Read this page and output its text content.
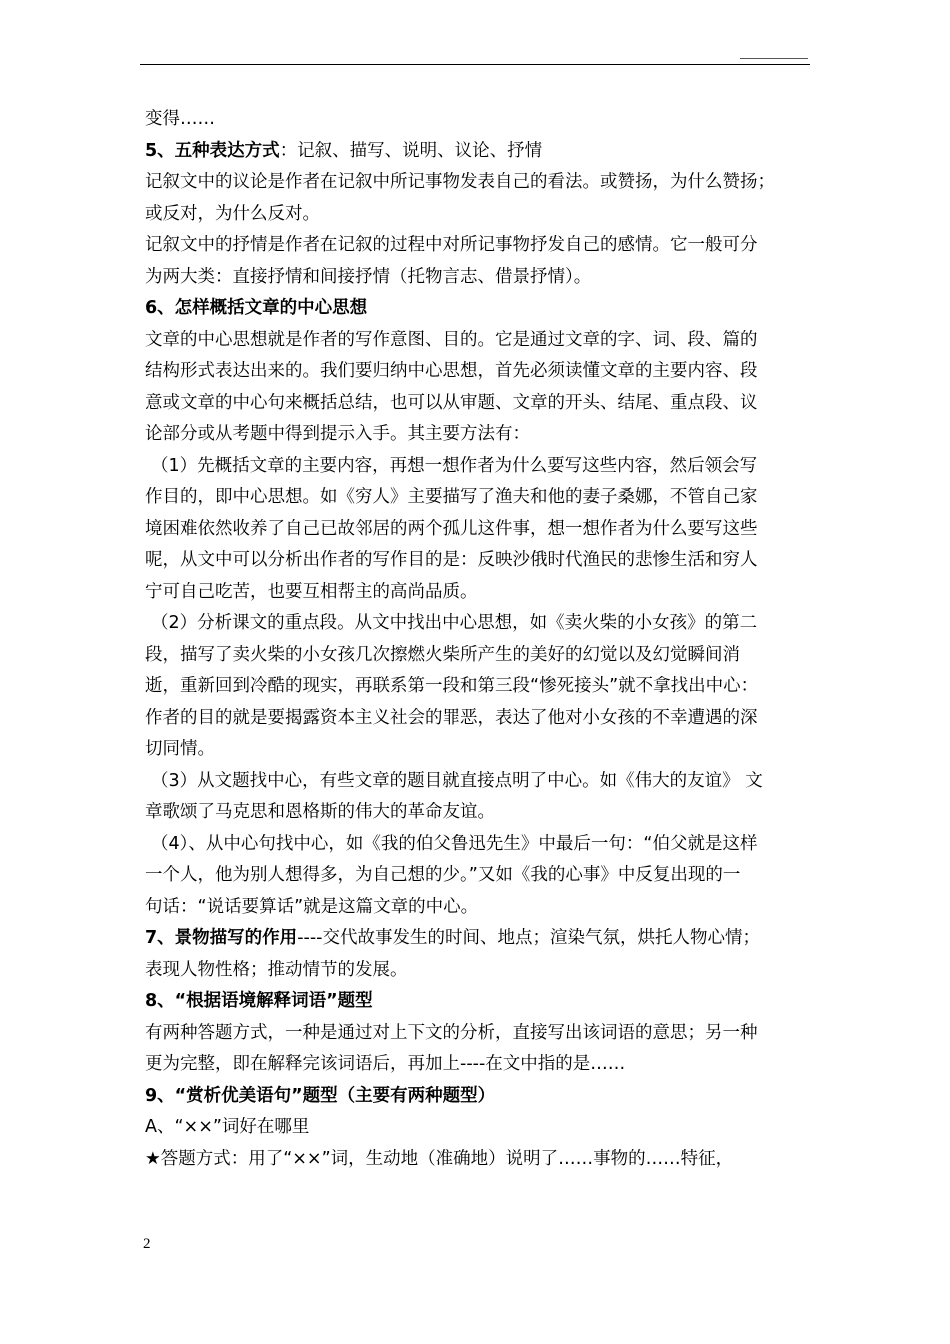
变得……

5、五种表达方式：记叙、描写、说明、议论、抒情

记叙文中的议论是作者在记叙中所记事物发表自己的看法。或赞扬，为什么赞扬；

或反对，为什么反对。

记叙文中的抒情是作者在记叙的过程中对所记事物抒发自己的感情。它一般可分

为两大类：直接抒情和间接抒情（托物言志、借景抒情）。

6、怎样概括文章的中心思想

文章的中心思想就是作者的写作意图、目的。它是通过文章的字、词、段、篇的

结构形式表达出来的。我们要归纳中心思想，首先必须读懂文章的主要内容、段

意或文章的中心句来概括总结，也可以从审题、文章的开头、结尾、重点段、议

论部分或从考题中得到提示入手。其主要方法有：

（1）先概括文章的主要内容，再想一想作者为什么要写这些内容，然后领会写

作目的，即中心思想。如《穷人》主要描写了渔夫和他的妻子桑娜，不管自己家

境困难依然收养了自己已故邻居的两个孤儿这件事，想一想作者为什么要写这些

呢，从文中可以分析出作者的写作目的是：反映沙俄时代渔民的悲惨生活和穷人

宁可自己吃苦，也要互相帮主的高尚品质。

（2）分析课文的重点段。从文中找出中心思想，如《卖火柴的小女孩》的第二

段，描写了卖火柴的小女孩几次擦燃火柴所产生的美好的幻觉以及幻觉瞬间消

逝，重新回到冷酷的现实，再联系第一段和第三段“惨死接头”就不拿找出中心：

作者的目的就是要揭露资本主义社会的罪恶，表达了他对小女孩的不幸遭遇的深

切同情。

（3）从文题找中心，有些文章的题目就直接点明了中心。如《伟大的友谊》 文

章歌颂了马克思和恩格斯的伟大的革命友谊。

（4）、从中心句找中心，如《我的伯父鲁迅先生》中最后一句：“伯父就是这样

一个人，他为别人想得多，为自己想的少。”又如《我的心事》中反复出现的一

句话：“说话要算话”就是这篇文章的中心。

7、景物描写的作用----交代故事发生的时间、地点；渲染气氛，烘托人物心情；

表现人物性格；推动情节的发展。

8、“根据语境解释词语”题型

有两种答题方式，一种是通过对上下文的分析，直接写出该词语的意思；另一种

更为完整，即在解释完该词语后，再加上----在文中指的是……

9、“赏析优美语句”题型（主要有两种题型）

A、“××”词好在哪里

★答题方式：用了“××”词，生动地（准确地）说明了……事物的……特征，

2
